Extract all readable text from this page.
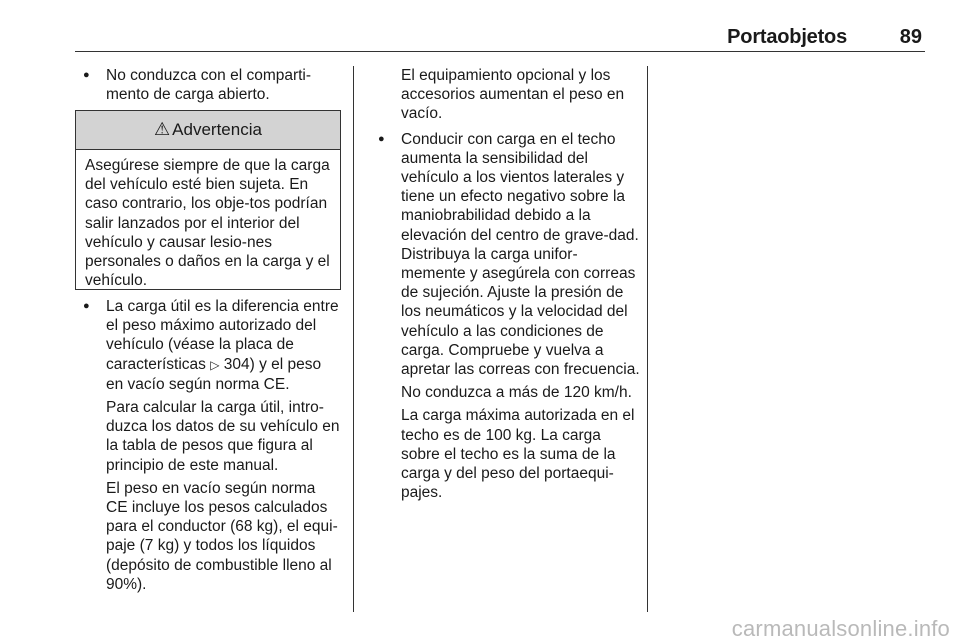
Portaobjetos	89
● No conduzca con el comparti-
mento de carga abierto.
⚠ Advertencia
Asegúrese siempre de que la carga del vehículo esté bien sujeta. En caso contrario, los obje-tos podrían salir lanzados por el interior del vehículo y causar lesio-nes personales o daños en la carga y el vehículo.
● La carga útil es la diferencia entre el peso máximo autorizado del vehículo (véase la placa de características ▷ 304) y el peso en vacío según norma CE.
Para calcular la carga útil, intro-duzca los datos de su vehículo en la tabla de pesos que figura al principio de este manual.
El peso en vacío según norma CE incluye los pesos calculados para el conductor (68 kg), el equi-paje (7 kg) y todos los líquidos (depósito de combustible lleno al 90%).
El equipamiento opcional y los accesorios aumentan el peso en vacío.
● Conducir con carga en el techo aumenta la sensibilidad del vehículo a los vientos laterales y tiene un efecto negativo sobre la maniobrabilidad debido a la elevación del centro de grave-dad. Distribuya la carga unifor-memente y asegúrela con correas de sujeción. Ajuste la presión de los neumáticos y la velocidad del vehículo a las condiciones de carga. Compruebe y vuelva a apretar las correas con frecuencia.
No conduzca a más de 120 km/h.
La carga máxima autorizada en el techo es de 100 kg. La carga sobre el techo es la suma de la carga y del peso del portaequi-pajes.
carmanualsonline.info
